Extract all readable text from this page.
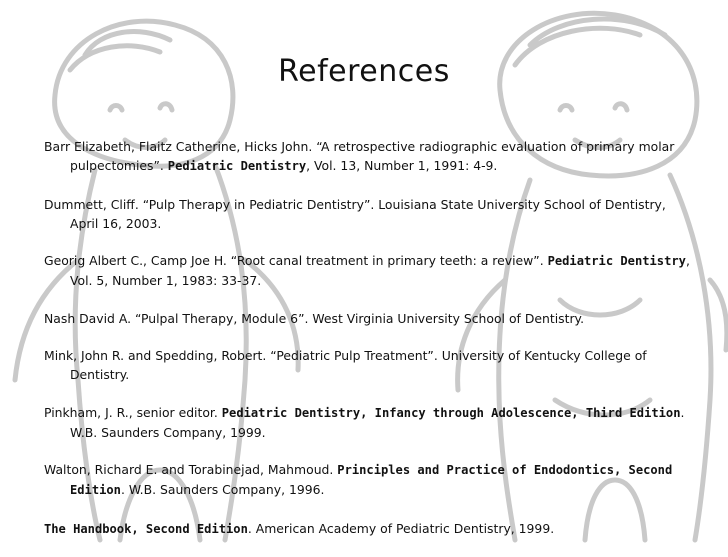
References

Barr Elizabeth, Flaitz Catherine, Hicks John. “A retrospective radiographic evaluation of primary molar pulpectomies”. Pediatric Dentistry, Vol. 13, Number 1, 1991: 4-9.

Dummett, Cliff. “Pulp Therapy in Pediatric Dentistry”. Louisiana State University School of Dentistry, April 16, 2003.

Georig Albert C., Camp Joe H. “Root canal treatment in primary teeth: a review”. Pediatric Dentistry, Vol. 5, Number 1, 1983: 33-37.

Nash David A. “Pulpal Therapy, Module 6”. West Virginia University School of Dentistry.

Mink, John R. and Spedding, Robert. “Pediatric Pulp Treatment”. University of Kentucky College of Dentistry.

Pinkham, J. R., senior editor. Pediatric Dentistry, Infancy through Adolescence, Third Edition. W.B. Saunders Company, 1999.

Walton, Richard E. and Torabinejad, Mahmoud. Principles and Practice of Endodontics, Second Edition. W.B. Saunders Company, 1996.

The Handbook, Second Edition. American Academy of Pediatric Dentistry, 1999.
